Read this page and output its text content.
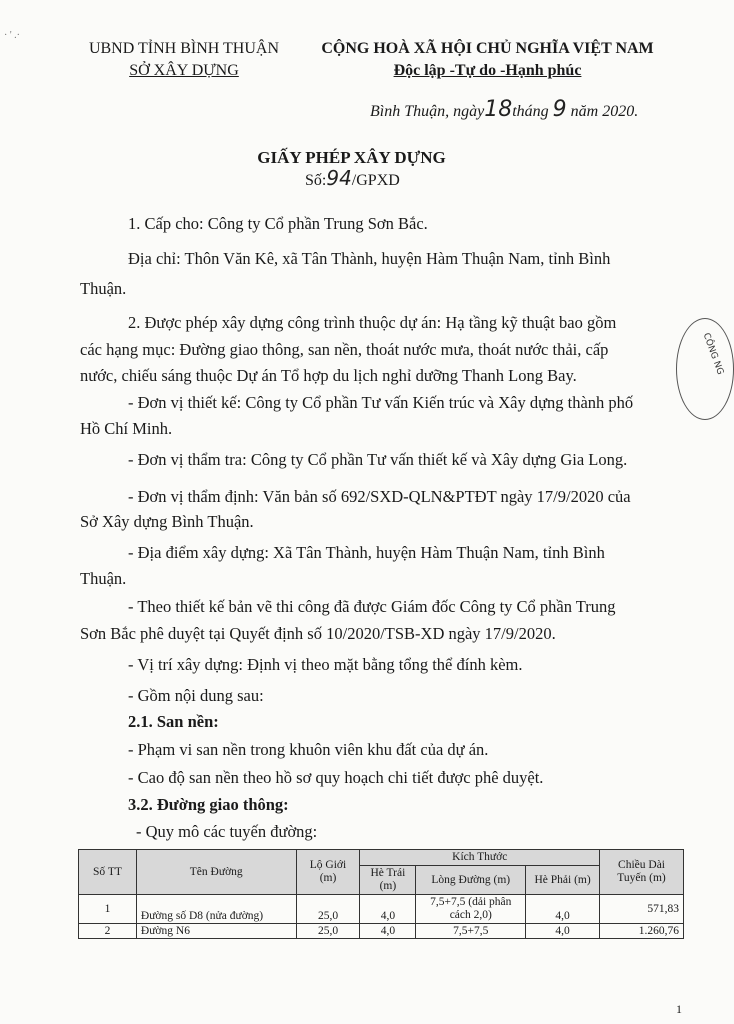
· ' .·
UBND TỈNH BÌNH THUẬN
SỞ XÂY DỰNG
CỘNG HOÀ XÃ HỘI CHỦ NGHĨA VIỆT NAM
Độc lập -Tự do -Hạnh phúc
Bình Thuận, ngày18tháng 9 năm 2020.
GIẤY PHÉP XÂY DỰNG
Số:94/GPXD
1. Cấp cho: Công ty Cổ phần Trung Sơn Bắc.
Địa chỉ: Thôn Văn Kê, xã Tân Thành, huyện Hàm Thuận Nam, tỉnh Bình
Thuận.
2. Được phép xây dựng công trình thuộc dự án: Hạ tầng kỹ thuật bao gồm
các hạng mục: Đường giao thông, san nền, thoát nước mưa, thoát nước thải, cấp
nước, chiếu sáng thuộc Dự án Tổ hợp du lịch nghỉ dưỡng Thanh Long Bay.
- Đơn vị thiết kế: Công ty Cổ phần Tư vấn Kiến trúc và Xây dựng thành phố
Hồ Chí Minh.
- Đơn vị thẩm tra: Công ty Cổ phần Tư vấn thiết kế và Xây dựng Gia Long.
- Đơn vị thẩm định: Văn bản số 692/SXD-QLN&PTĐT ngày 17/9/2020 của
Sở Xây dựng Bình Thuận.
- Địa điểm xây dựng: Xã Tân Thành, huyện Hàm Thuận Nam, tỉnh Bình
Thuận.
- Theo thiết kế bản vẽ thi công đã được Giám đốc Công ty Cổ phần Trung
Sơn Bắc phê duyệt tại Quyết định số 10/2020/TSB-XD ngày 17/9/2020.
- Vị trí xây dựng: Định vị theo mặt bằng tổng thể đính kèm.
- Gồm nội dung sau:
2.1. San nền:
- Phạm vi san nền trong khuôn viên khu đất của dự án.
- Cao độ san nền theo hồ sơ quy hoạch chi tiết được phê duyệt.
3.2. Đường giao thông:
- Quy mô các tuyến đường:
CÔNG NG
Số TT	Tên Đường	Lộ Giới (m)	Kích Thước			Chiều Dài Tuyến (m)
			Hè Trái (m)	Lòng Đường (m)	Hè Phải (m)	
1	Đường số D8 (nửa đường)	25,0	4,0	7,5+7,5 (dải phân cách 2,0)	4,0	571,83
2	Đường N6	25,0	4,0	7,5+7,5	4,0	1.260,76
1
